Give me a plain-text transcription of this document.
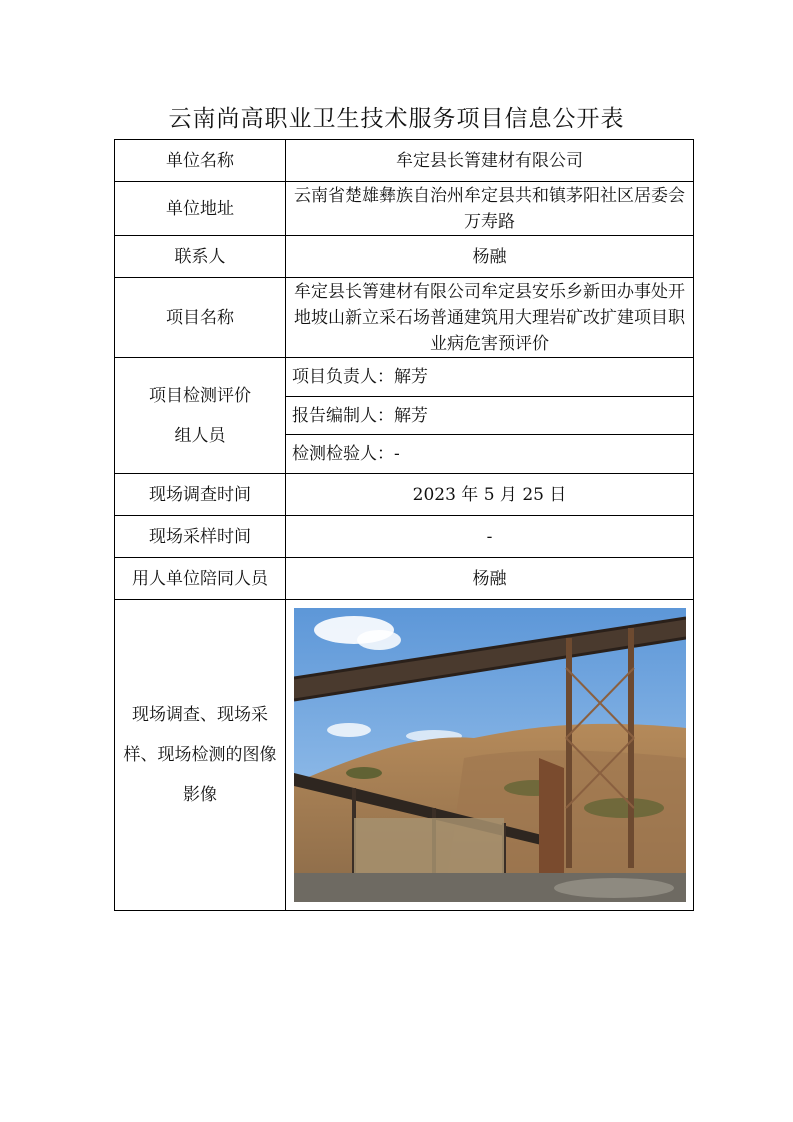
云南尚高职业卫生技术服务项目信息公开表
单位名称	牟定县长箐建材有限公司
单位地址	云南省楚雄彝族自治州牟定县共和镇茅阳社区居委会万寿路
联系人	杨融
项目名称	牟定县长箐建材有限公司牟定县安乐乡新田办事处开地坡山新立采石场普通建筑用大理岩矿改扩建项目职业病危害预评价
项目检测评价
组人员	项目负责人：解芳
	报告编制人：解芳
	检测检验人：-
现场调查时间	2023 年 5 月 25 日
现场采样时间	-
用人单位陪同人员	杨融
现场调查、现场采样、现场检测的图像影像	
